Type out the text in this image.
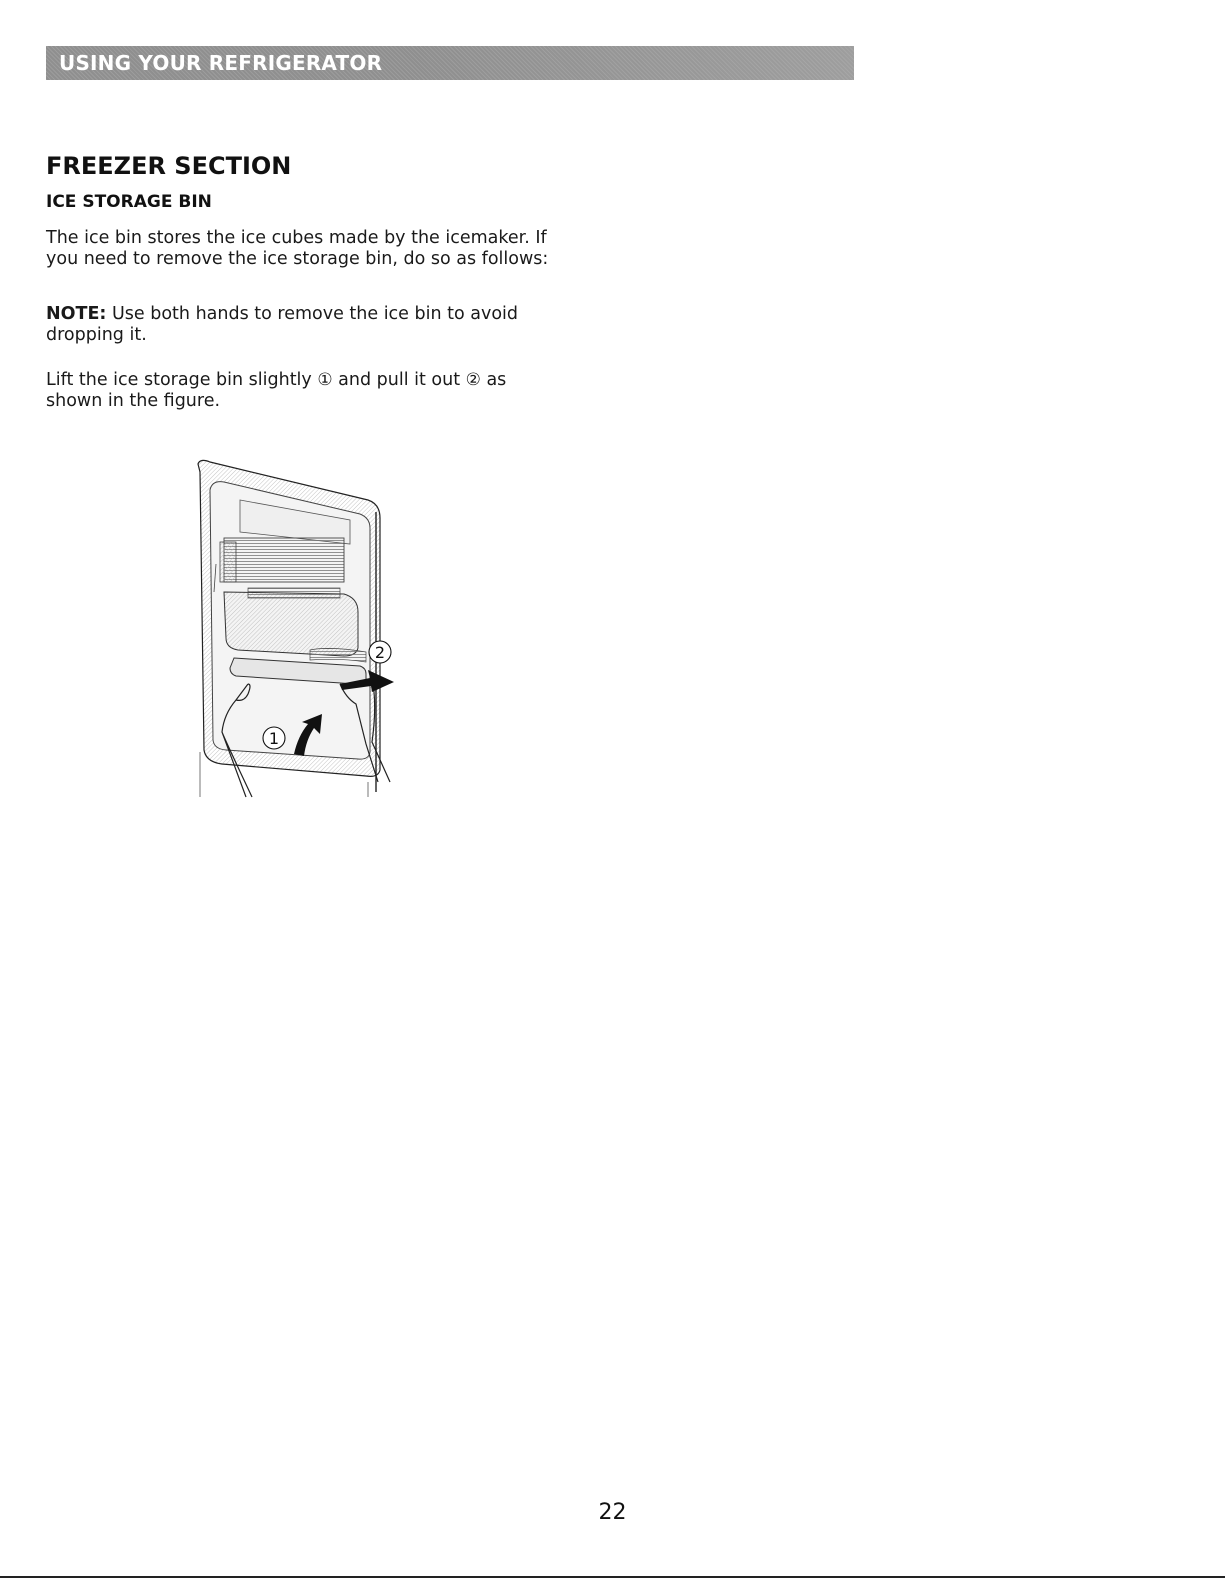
USING YOUR REFRIGERATOR
FREEZER SECTION
ICE STORAGE BIN

The ice bin stores the ice cubes made by the icemaker. If you need to remove the ice storage bin, do so as follows:

NOTE: Use both hands to remove the ice bin to avoid dropping it.

Lift the ice storage bin slightly ① and pull it out ② as shown in the figure.

1
2
22
